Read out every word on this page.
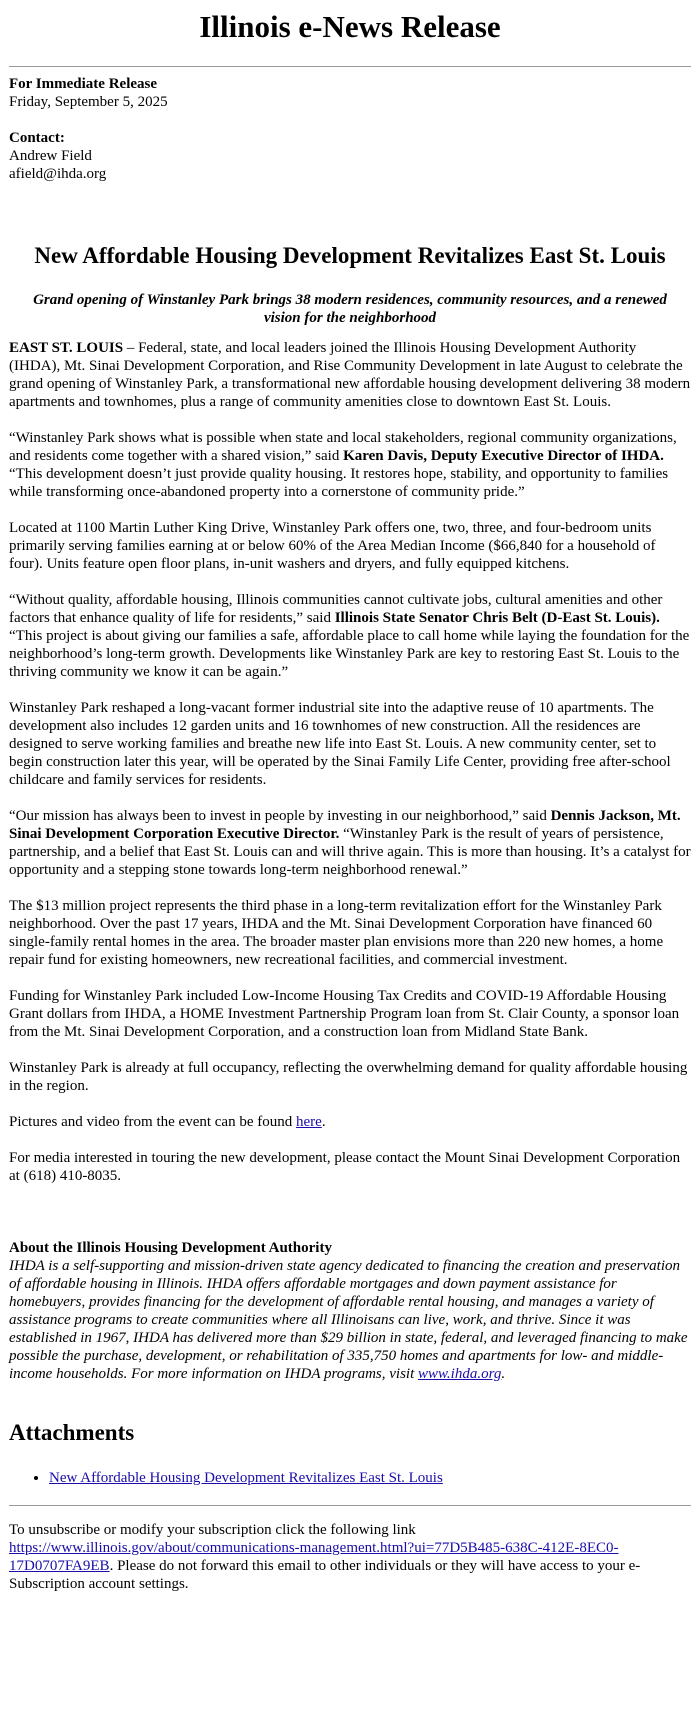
Illinois e-News Release

For Immediate Release

Friday, September 5, 2025

Contact:

Andrew Field

afield@ihda.org

New Affordable Housing Development Revitalizes East St. Louis
Grand opening of Winstanley Park brings 38 modern residences, community resources, and a renewed vision for the neighborhood

EAST ST. LOUIS – Federal, state, and local leaders joined the Illinois Housing Development Authority (IHDA), Mt. Sinai Development Corporation, and Rise Community Development in late August to celebrate the grand opening of Winstanley Park, a transformational new affordable housing development delivering 38 modern apartments and townhomes, plus a range of community amenities close to downtown East St. Louis.

“Winstanley Park shows what is possible when state and local stakeholders, regional community organizations, and residents come together with a shared vision,” said Karen Davis, Deputy Executive Director of IHDA. “This development doesn’t just provide quality housing. It restores hope, stability, and opportunity to families while transforming once-abandoned property into a cornerstone of community pride.”

Located at 1100 Martin Luther King Drive, Winstanley Park offers one, two, three, and four-bedroom units primarily serving families earning at or below 60% of the Area Median Income ($66,840 for a household of four). Units feature open floor plans, in-unit washers and dryers, and fully equipped kitchens.

“Without quality, affordable housing, Illinois communities cannot cultivate jobs, cultural amenities and other factors that enhance quality of life for residents,” said Illinois State Senator Chris Belt (D-East St. Louis). “This project is about giving our families a safe, affordable place to call home while laying the foundation for the neighborhood’s long-term growth. Developments like Winstanley Park are key to restoring East St. Louis to the thriving community we know it can be again.”

Winstanley Park reshaped a long-vacant former industrial site into the adaptive reuse of 10 apartments. The development also includes 12 garden units and 16 townhomes of new construction. All the residences are designed to serve working families and breathe new life into East St. Louis. A new community center, set to begin construction later this year, will be operated by the Sinai Family Life Center, providing free after-school childcare and family services for residents.

“Our mission has always been to invest in people by investing in our neighborhood,” said Dennis Jackson, Mt. Sinai Development Corporation Executive Director. “Winstanley Park is the result of years of persistence, partnership, and a belief that East St. Louis can and will thrive again. This is more than housing. It’s a catalyst for opportunity and a stepping stone towards long-term neighborhood renewal.”

The $13 million project represents the third phase in a long-term revitalization effort for the Winstanley Park neighborhood. Over the past 17 years, IHDA and the Mt. Sinai Development Corporation have financed 60 single-family rental homes in the area. The broader master plan envisions more than 220 new homes, a home repair fund for existing homeowners, new recreational facilities, and commercial investment.

Funding for Winstanley Park included Low-Income Housing Tax Credits and COVID-19 Affordable Housing Grant dollars from IHDA, a HOME Investment Partnership Program loan from St. Clair County, a sponsor loan from the Mt. Sinai Development Corporation, and a construction loan from Midland State Bank.

Winstanley Park is already at full occupancy, reflecting the overwhelming demand for quality affordable housing in the region.

Pictures and video from the event can be found here.

For media interested in touring the new development, please contact the Mount Sinai Development Corporation at (618) 410-8035.

About the Illinois Housing Development Authority

IHDA is a self-supporting and mission-driven state agency dedicated to financing the creation and preservation of affordable housing in Illinois. IHDA offers affordable mortgages and down payment assistance for homebuyers, provides financing for the development of affordable rental housing, and manages a variety of assistance programs to create communities where all Illinoisans can live, work, and thrive. Since it was established in 1967, IHDA has delivered more than $29 billion in state, federal, and leveraged financing to make possible the purchase, development, or rehabilitation of 335,750 homes and apartments for low- and middle-income households. For more information on IHDA programs, visit www.ihda.org.

Attachments
• New Affordable Housing Development Revitalizes East St. Louis

To unsubscribe or modify your subscription click the following link https://www.illinois.gov/about/communications-management.html?ui=77D5B485-638C-412E-8EC0-17D0707FA9EB. Please do not forward this email to other individuals or they will have access to your e-Subscription account settings.
